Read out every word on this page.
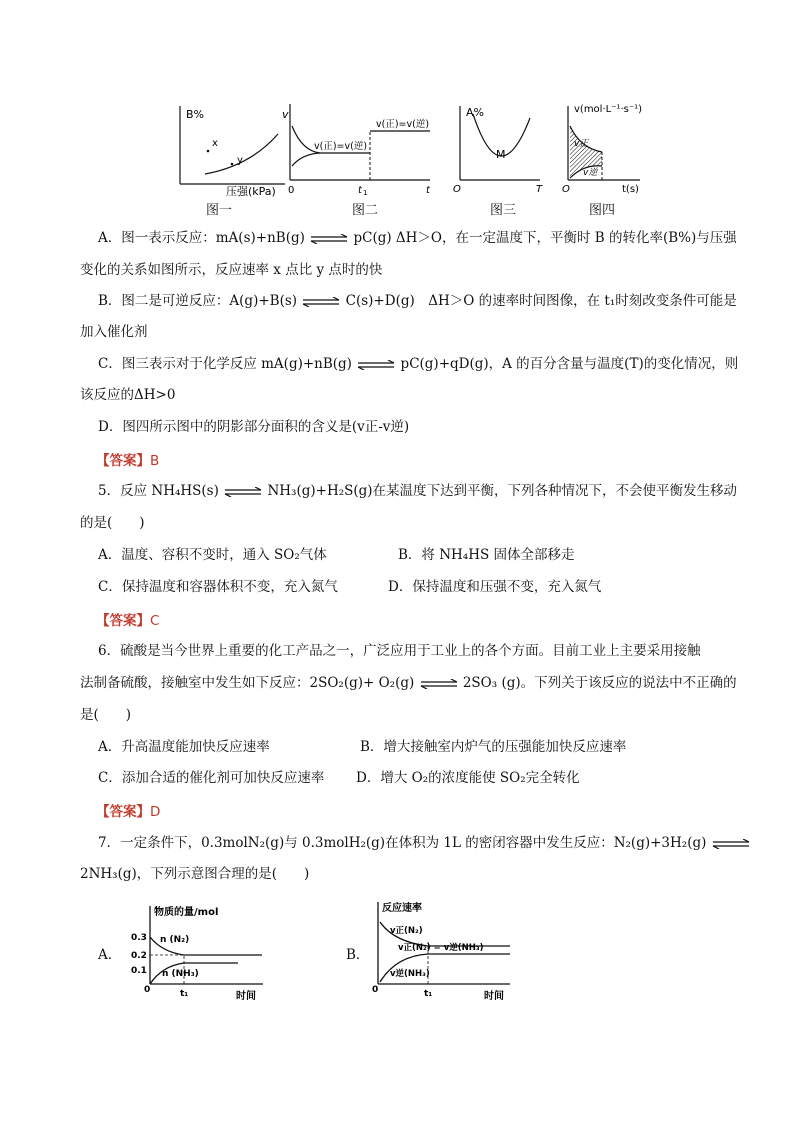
B%
x
y
压强(kPa)
v
v(正)=v(逆)
v(正)=v(逆)
0	t 1	t
A%
M
O	T
v(mol·L⁻¹·s⁻¹)
v正
v逆
O	t(s)
图一	图二	图三	图四
A．图一表示反应：mA(s)+nB(g) ⇌ pC(g) ΔH＞O，在一定温度下，平衡时 B 的转化率(B%)与压强
变化的关系如图所示，反应速率 x 点比 y 点时的快
B．图二是可逆反应：A(g)+B(s) ⇌ C(s)+D(g)　ΔH＞O 的速率时间图像，在 t₁时刻改变条件可能是
加入催化剂
C．图三表示对于化学反应 mA(g)+nB(g) ⇌ pC(g)+qD(g)，A 的百分含量与温度(T)的变化情况，则
该反应的ΔH>0
D．图四所示图中的阴影部分面积的含义是(v正-v逆)
【答案】B
5．反应 NH₄HS(s) ⇌ NH₃(g)+H₂S(g)在某温度下达到平衡，下列各种情况下，不会使平衡发生移动
的是(　　)
A．温度、容积不变时，通入 SO₂气体	B．将 NH₄HS 固体全部移走
C．保持温度和容器体积不变，充入氮气	D．保持温度和压强不变，充入氮气
【答案】C
6．硫酸是当今世界上重要的化工产品之一，广泛应用于工业上的各个方面。目前工业上主要采用接触
法制备硫酸，接触室中发生如下反应：2SO₂(g)+ O₂(g) ⇌ 2SO₃ (g)。下列关于该反应的说法中不正确的
是(　　)
A．升高温度能加快反应速率	B．增大接触室内炉气的压强能加快反应速率
C．添加合适的催化剂可加快反应速率 D．增大 O₂的浓度能使 SO₂完全转化
【答案】D
7．一定条件下，0.3molN₂(g)与 0.3molH₂(g)在体积为 1L 的密闭容器中发生反应：N₂(g)+3H₂(g) ⇌
2NH₃(g)，下列示意图合理的是(　　)
A．	B．
物质的量/mol
0.3
0.2
0.1
n (N₂)
n (NH₃)
0	t₁	时间
反应速率
v正(N₂)
v正(N₂) = v逆(NH₃)
v逆(NH₃)
0	t₁	时间
